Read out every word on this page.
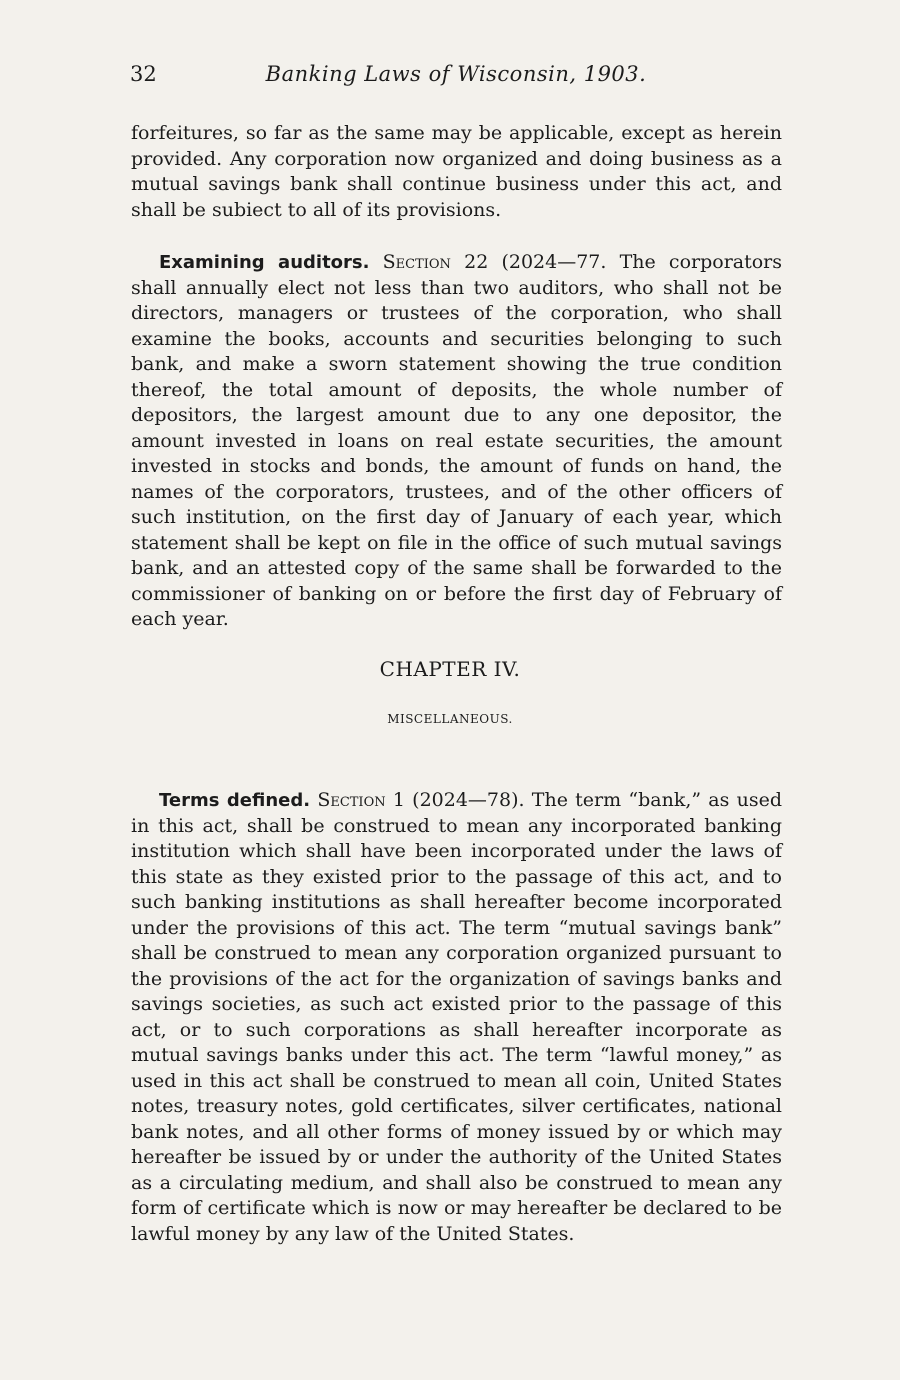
32	Banking Laws of Wisconsin, 1903.

forfeitures, so far as the same may be applicable, except as herein provided. Any corporation now organized and doing business as a mutual savings bank shall continue business under this act, and shall be subiect to all of its provisions.

Examining auditors. Section 22 (2024—77. The corporators shall annually elect not less than two auditors, who shall not be directors, managers or trustees of the corporation, who shall examine the books, accounts and securities belonging to such bank, and make a sworn statement showing the true condition thereof, the total amount of deposits, the whole number of depositors, the largest amount due to any one depositor, the amount invested in loans on real estate securities, the amount invested in stocks and bonds, the amount of funds on hand, the names of the corporators, trustees, and of the other officers of such institution, on the first day of January of each year, which statement shall be kept on file in the office of such mutual savings bank, and an attested copy of the same shall be forwarded to the commissioner of banking on or before the first day of February of each year.

CHAPTER IV.
MISCELLANEOUS.

Terms defined. Section 1 (2024—78). The term “bank,” as used in this act, shall be construed to mean any incorporated banking institution which shall have been incorporated under the laws of this state as they existed prior to the passage of this act, and to such banking institutions as shall hereafter become incorporated under the provisions of this act. The term “mutual savings bank” shall be construed to mean any corporation organized pursuant to the provisions of the act for the organization of savings banks and savings societies, as such act existed prior to the passage of this act, or to such corporations as shall hereafter incorporate as mutual savings banks under this act. The term “lawful money,” as used in this act shall be construed to mean all coin, United States notes, treasury notes, gold certificates, silver certificates, national bank notes, and all other forms of money issued by or which may hereafter be issued by or under the authority of the United States as a circulating medium, and shall also be construed to mean any form of certificate which is now or may hereafter be declared to be lawful money by any law of the United States.
